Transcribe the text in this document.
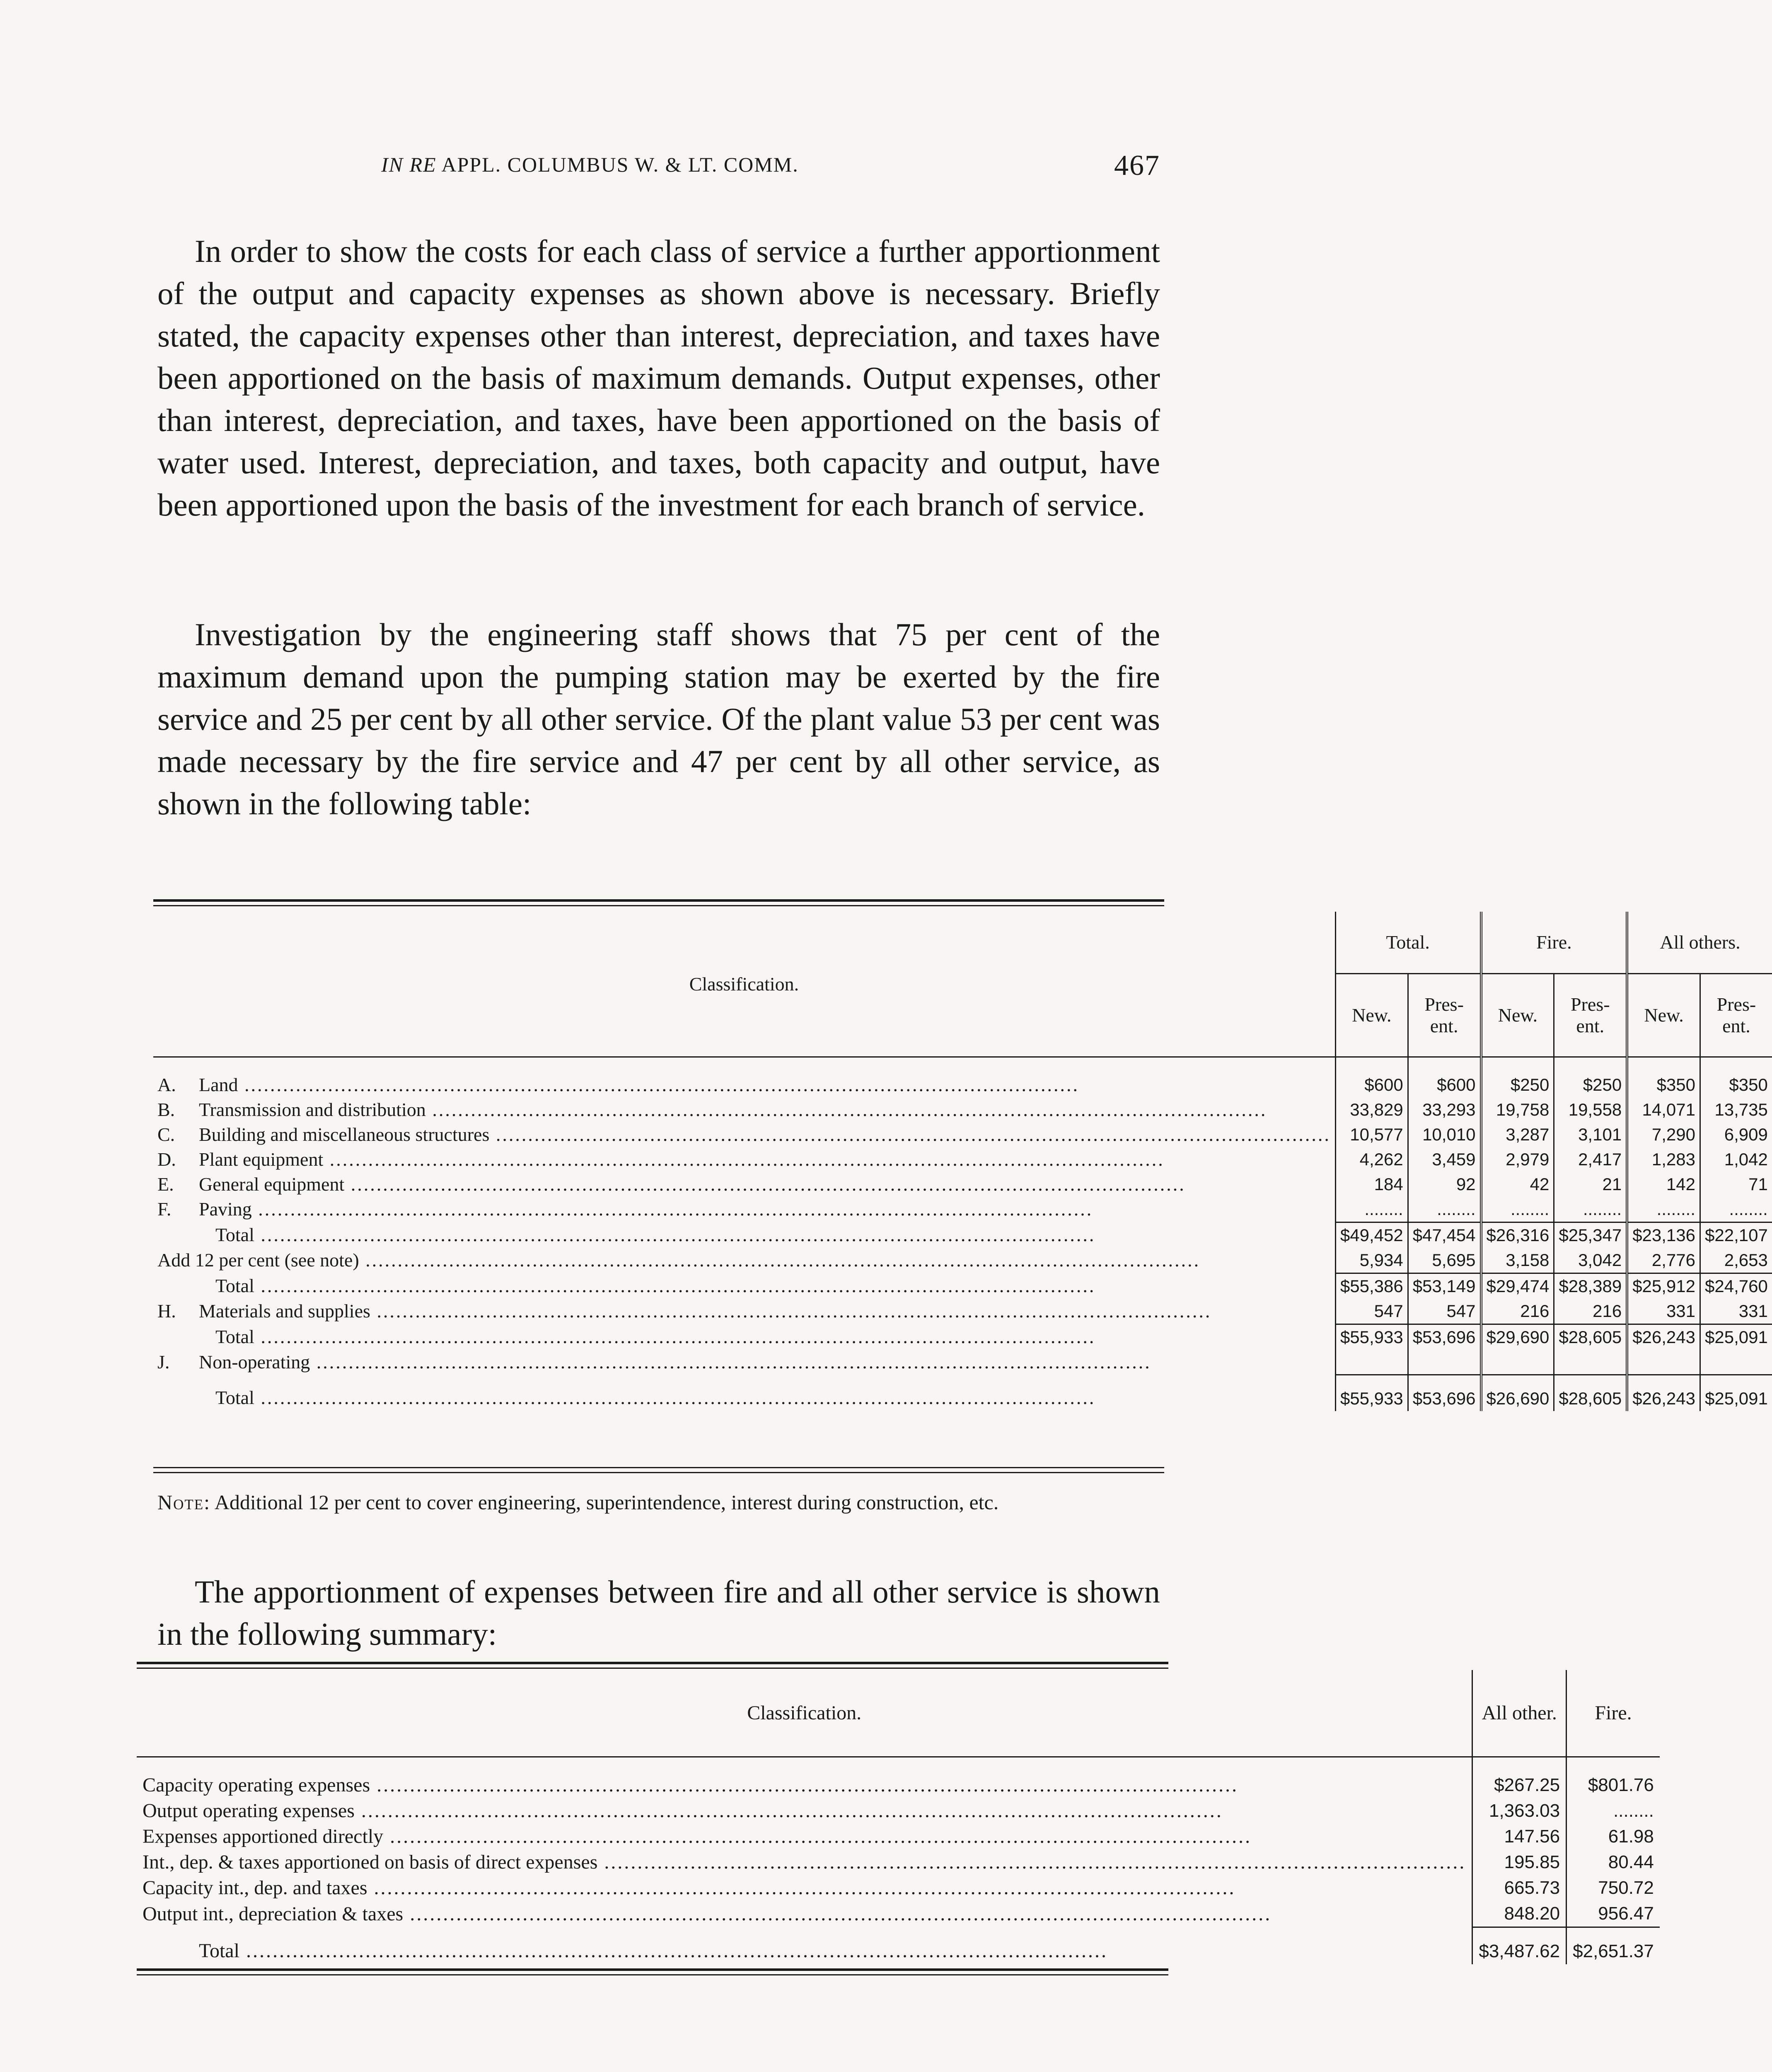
IN RE APPL. COLUMBUS W. & LT. COMM.	467

In order to show the costs for each class of service a further apportionment of the output and capacity expenses as shown above is necessary. Briefly stated, the capacity expenses other than interest, depreciation, and taxes have been apportioned on the basis of maximum demands. Output expenses, other than interest, depreciation, and taxes, have been apportioned on the basis of water used. Interest, depreciation, and taxes, both capacity and output, have been apportioned upon the basis of the investment for each branch of service.

Investigation by the engineering staff shows that 75 per cent of the maximum demand upon the pumping station may be exerted by the fire service and 25 per cent by all other service. Of the plant value 53 per cent was made necessary by the fire service and 47 per cent by all other service, as shown in the following table:

Classification.	Total.		Fire.		All others.	
	New.	Pres-ent.	New.	Pres-ent.	New.	Pres-ent.
A. Land .....	$600	$600	$250	$250	$350	$350
B. Transmission and distribution .....	33,829	33,293	19,758	19,558	14,071	13,735
C. Building and miscellaneous structures .....	10,577	10,010	3,287	3,101	7,290	6,909
D. Plant equipment .....	4,262	3,459	2,979	2,417	1,283	1,042
E. General equipment .....	184	92	42	21	142	71
F. Paving .....	........	........	........	........	........	........
Total .....	$49,452	$47,454	$26,316	$25,347	$23,136	$22,107
Add 12 per cent (see note) .....	5,934	5,695	3,158	3,042	2,776	2,653
Total .....	$55,386	$53,149	$29,474	$28,389	$25,912	$24,760
H. Materials and supplies .....	547	547	216	216	331	331
Total .....	$55,933	$53,696	$29,690	$28,605	$26,243	$25,091
J. Non-operating .....						
Total .....	$55,933	$53,696	$26,690	$28,605	$26,243	$25,091
Note: Additional 12 per cent to cover engineering, superintendence, interest during construction, etc.

The apportionment of expenses between fire and all other service is shown in the following summary:

Classification.	All other.	Fire.
Capacity operating expenses .....	$267.25	$801.76
Output operating expenses .....	1,363.03	........
Expenses apportioned directly .....	147.56	61.98
Int., dep. & taxes apportioned on basis of direct expenses .....	195.85	80.44
Capacity int., dep. and taxes .....	665.73	750.72
Output int., depreciation & taxes .....	848.20	956.47
Total .....	$3,487.62	$2,651.37
